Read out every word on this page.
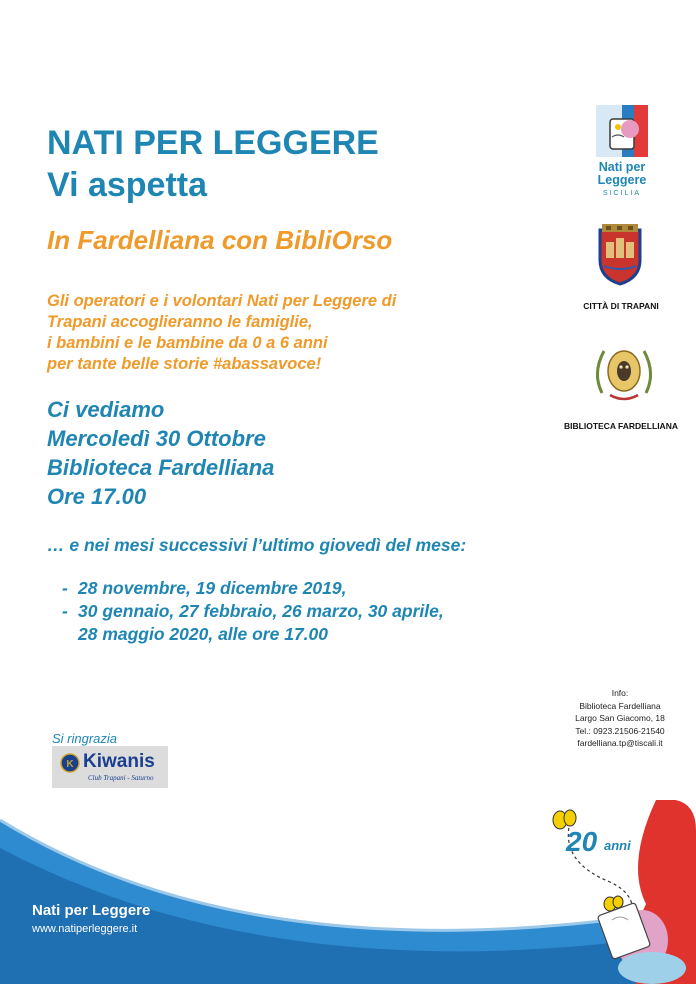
NATI PER LEGGERE
Vi aspetta
In Fardelliana con BibliOrso
Gli operatori e i volontari Nati per Leggere di
Trapani accoglieranno le famiglie,
i bambini e le bambine da 0 a 6 anni
per tante belle storie #abassavoce!
Ci vediamo
Mercoledì 30 Ottobre
Biblioteca Fardelliana
Ore 17.00
… e nei mesi successivi l’ultimo giovedì del mese:
- 28 novembre, 19 dicembre 2019,
- 30 gennaio, 27 febbraio, 26 marzo, 30 aprile,
28 maggio 2020, alle ore 17.00
Nati per
Leggere
SICILIA
CITTÀ DI TRAPANI
BIBLIOTECA FARDELLIANA
Info:
Biblioteca Fardelliana
Largo San Giacomo, 18
Tel.: 0923.21506-21540
fardelliana.tp@tiscali.it
Si ringrazia
K Kiwanis
Club Trapani - Saturno
Nati per Leggere
www.natiperleggere.it
20 anni
